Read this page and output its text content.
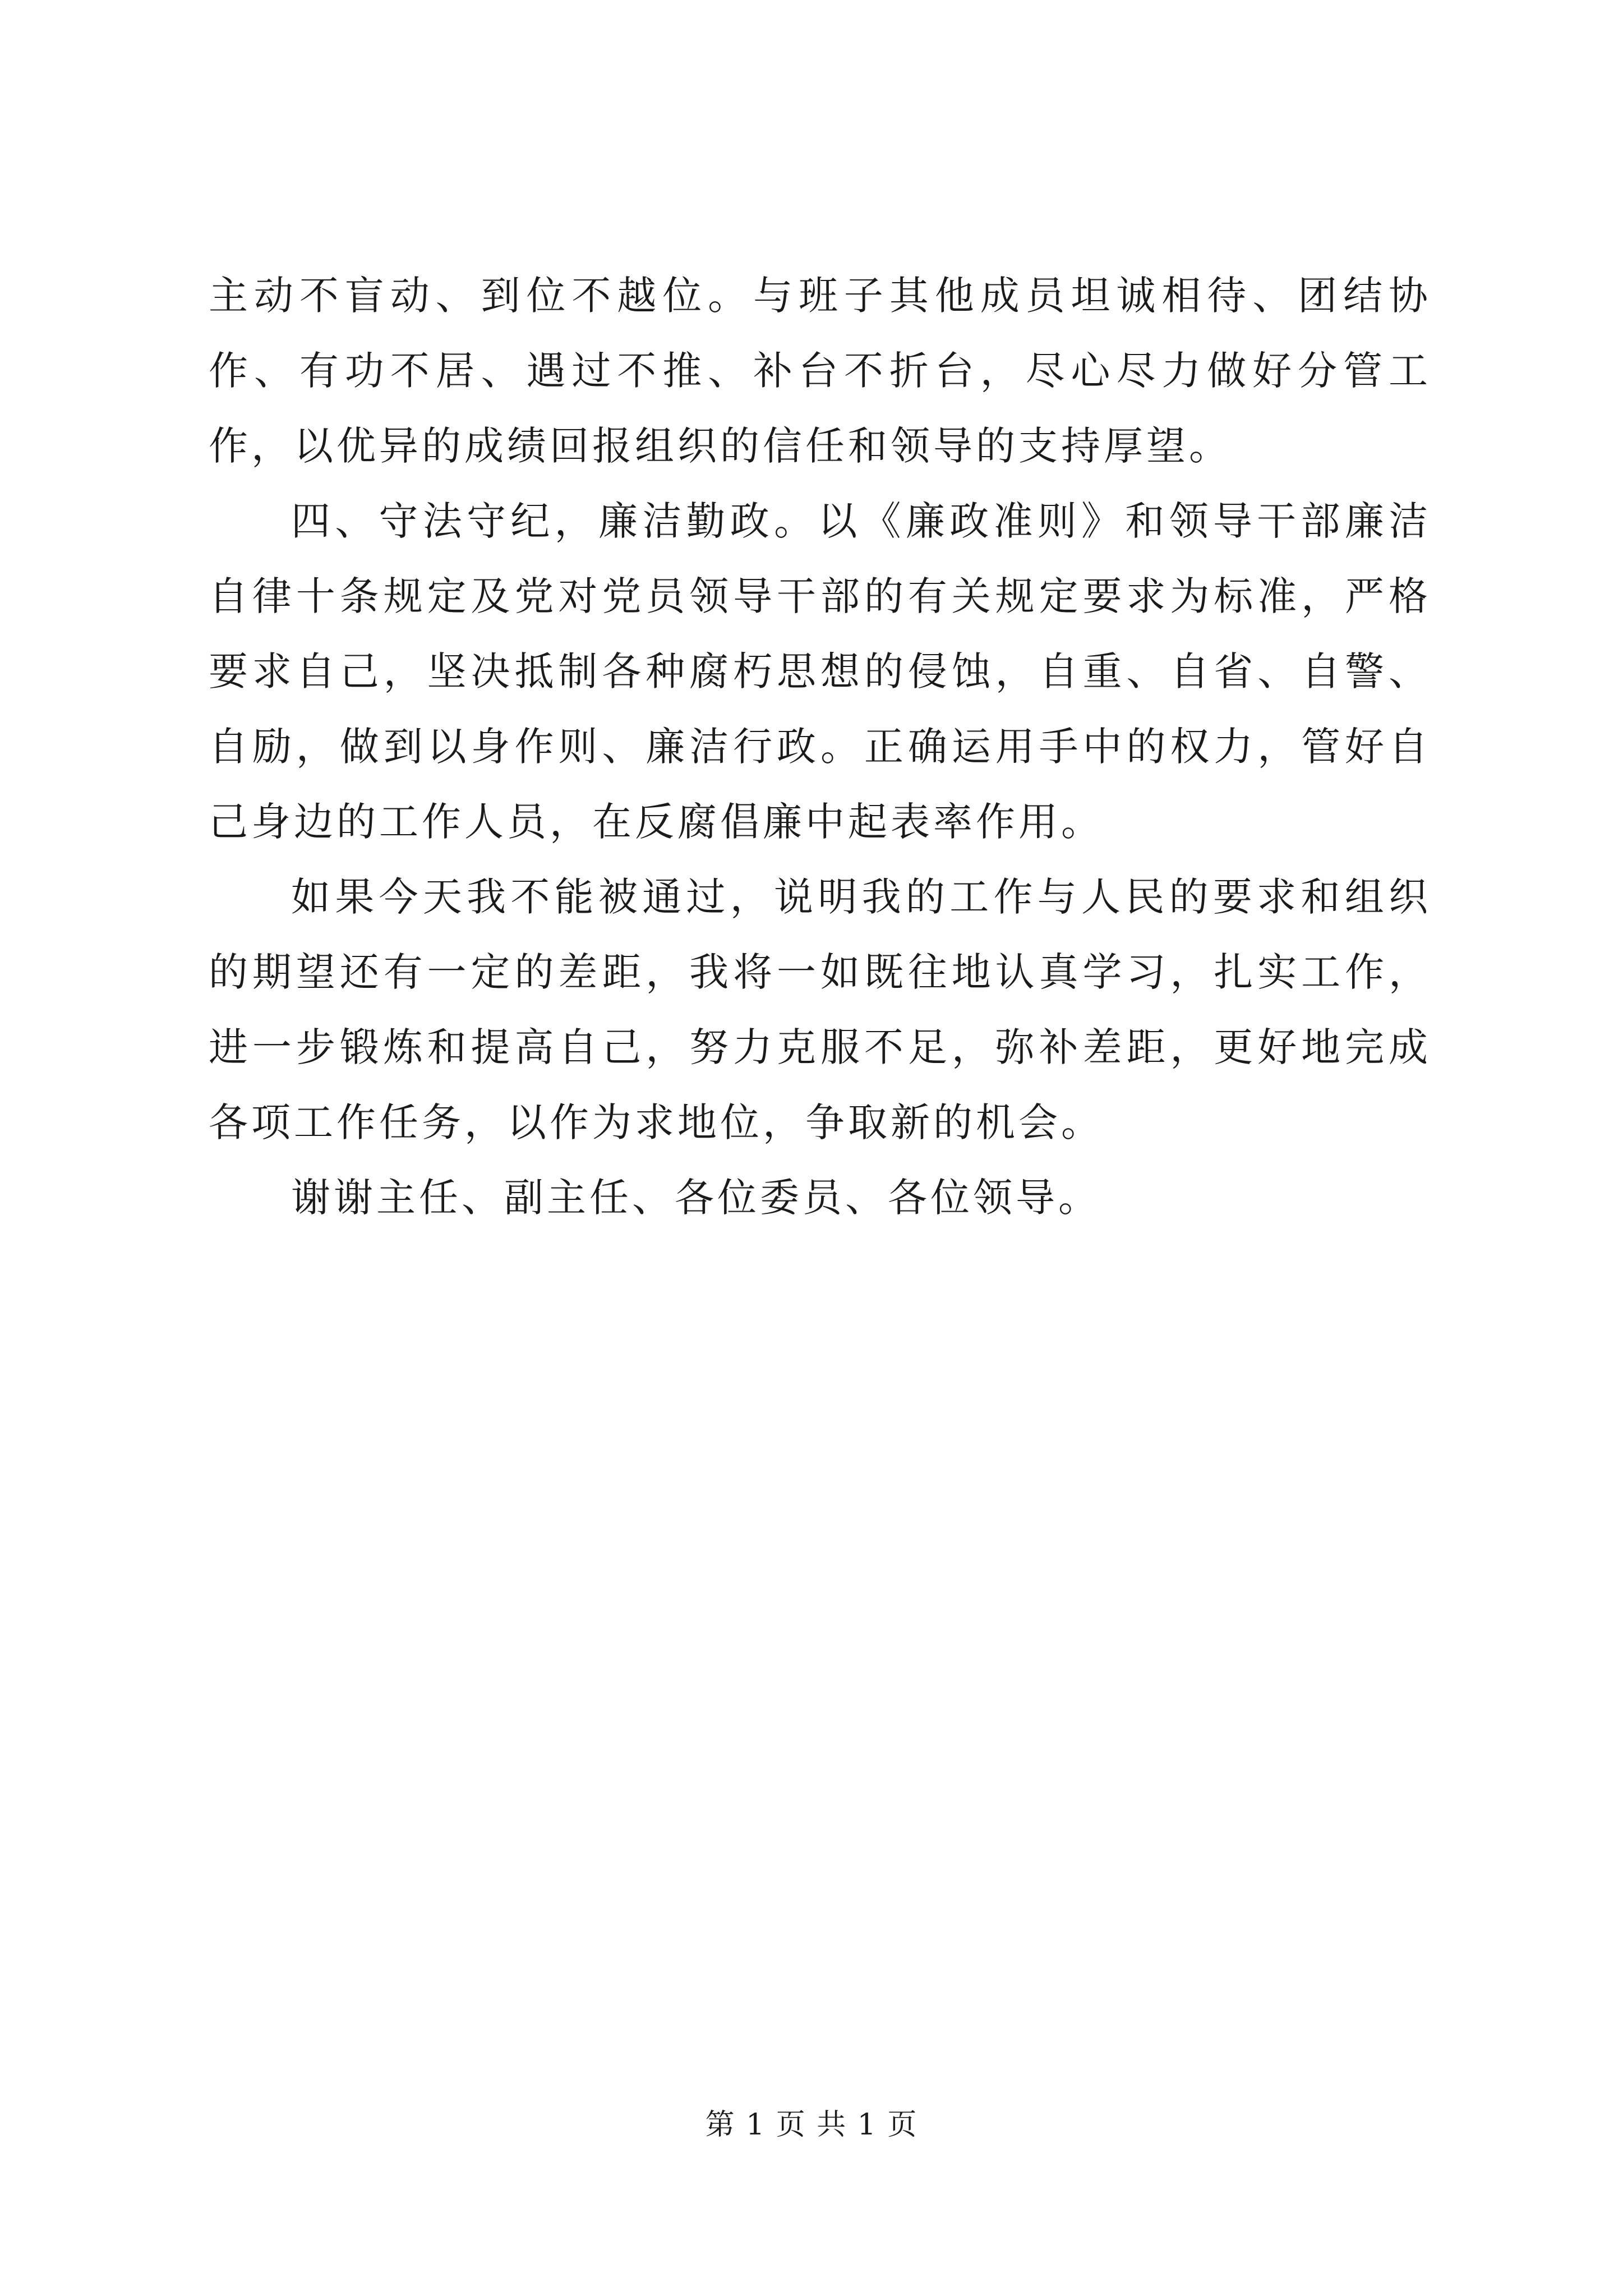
主动不盲动、到位不越位。与班子其他成员坦诚相待、团结协作、有功不居、遇过不推、补台不折台，尽心尽力做好分管工作，以优异的成绩回报组织的信任和领导的支持厚望。

四、守法守纪，廉洁勤政。以《廉政准则》和领导干部廉洁自律十条规定及党对党员领导干部的有关规定要求为标准，严格要求自己，坚决抵制各种腐朽思想的侵蚀，自重、自省、自警、自励，做到以身作则、廉洁行政。正确运用手中的权力，管好自己身边的工作人员，在反腐倡廉中起表率作用。

如果今天我不能被通过，说明我的工作与人民的要求和组织的期望还有一定的差距，我将一如既往地认真学习，扎实工作，进一步锻炼和提高自己，努力克服不足，弥补差距，更好地完成各项工作任务，以作为求地位，争取新的机会。

谢谢主任、副主任、各位委员、各位领导。

第 1 页 共 1 页
